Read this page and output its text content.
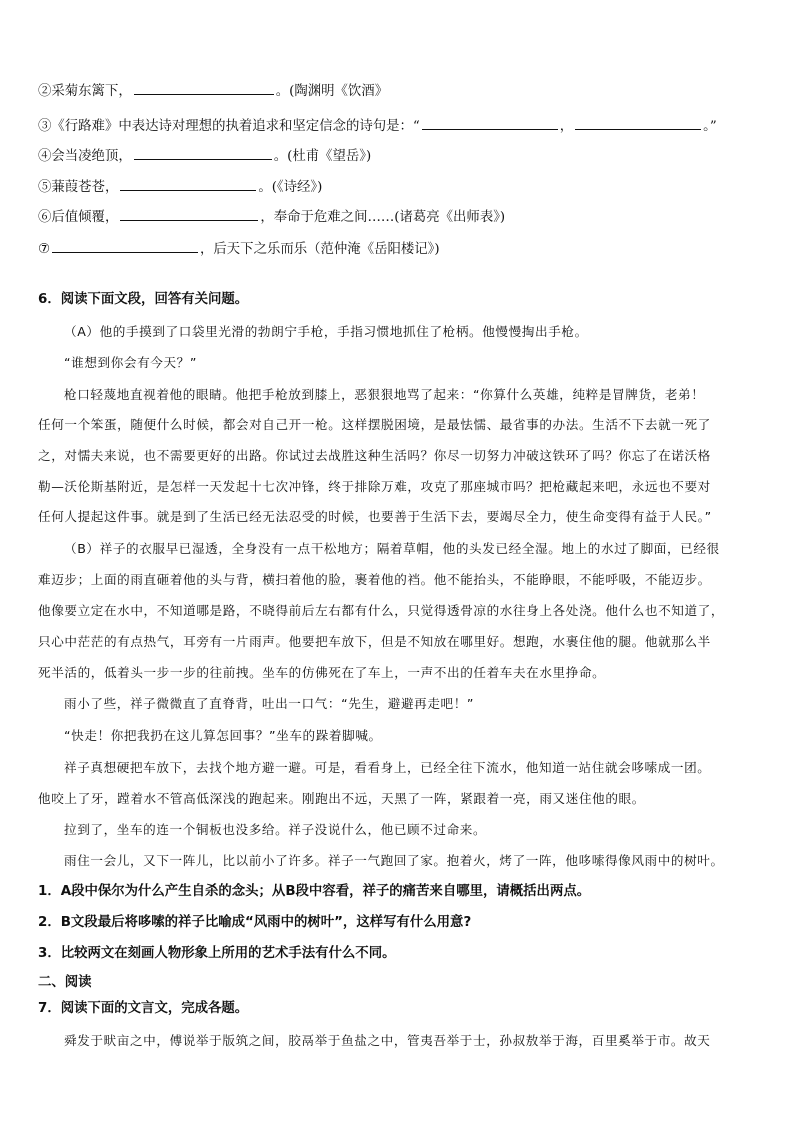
②采菊东篱下，	。(陶渊明《饮酒》
③《行路难》中表达诗对理想的执着追求和坚定信念的诗句是：“	，	。”
④会当凌绝顶，	。(杜甫《望岳》)
⑤蒹葭苍苍，	。(《诗经》)
⑥后值倾覆，	，奉命于危难之间……(诸葛亮《出师表》)
⑦	，后天下之乐而乐（范仲淹《岳阳楼记》)
6．阅读下面文段，回答有关问题。
（A）他的手摸到了口袋里光滑的勃朗宁手枪，手指习惯地抓住了枪柄。他慢慢掏出手枪。
“谁想到你会有今天？”
枪口轻蔑地直视着他的眼睛。他把手枪放到膝上，恶狠狠地骂了起来：“你算什么英雄，纯粹是冒牌货，老弟！
任何一个笨蛋，随便什么时候，都会对自己开一枪。这样摆脱困境，是最怯懦、最省事的办法。生活不下去就一死了
之，对懦夫来说，也不需要更好的出路。你试过去战胜这种生活吗？你尽一切努力冲破这铁环了吗？你忘了在诺沃格
勒—沃伦斯基附近，是怎样一天发起十七次冲锋，终于排除万难，攻克了那座城市吗？把枪藏起来吧，永远也不要对
任何人提起这件事。就是到了生活已经无法忍受的时候，也要善于生活下去，要竭尽全力，使生命变得有益于人民。”
（B）祥子的衣服早已湿透，全身没有一点干松地方；隔着草帽，他的头发已经全湿。地上的水过了脚面，已经很
难迈步；上面的雨直砸着他的头与背，横扫着他的脸，裹着他的裆。他不能抬头，不能睁眼，不能呼吸，不能迈步。
他像要立定在水中，不知道哪是路，不晓得前后左右都有什么，只觉得透骨凉的水往身上各处浇。他什么也不知道了，
只心中茫茫的有点热气，耳旁有一片雨声。他要把车放下，但是不知放在哪里好。想跑，水裹住他的腿。他就那么半
死半活的，低着头一步一步的往前拽。坐车的仿佛死在了车上，一声不出的任着车夫在水里挣命。
雨小了些，祥子微微直了直脊背，吐出一口气：“先生，避避再走吧！”
“快走！你把我扔在这儿算怎回事？”坐车的跺着脚喊。
祥子真想硬把车放下，去找个地方避一避。可是，看看身上，已经全往下流水，他知道一站住就会哆嗦成一团。
他咬上了牙，蹚着水不管高低深浅的跑起来。刚跑出不远，天黑了一阵，紧跟着一亮，雨又迷住他的眼。
拉到了，坐车的连一个铜板也没多给。祥子没说什么，他已顾不过命来。
雨住一会儿，又下一阵儿，比以前小了许多。祥子一气跑回了家。抱着火，烤了一阵，他哆嗦得像风雨中的树叶。
1．A段中保尔为什么产生自杀的念头；从B段中容看，祥子的痛苦来自哪里，请概括出两点。
2．B文段最后将哆嗦的祥子比喻成“风雨中的树叶”，这样写有什么用意?
3．比较两文在刻画人物形象上所用的艺术手法有什么不同。
二、阅读
7．阅读下面的文言文，完成各题。
舜发于畎亩之中，傅说举于版筑之间，胶鬲举于鱼盐之中，管夷吾举于士，孙叔敖举于海，百里奚举于市。故天
